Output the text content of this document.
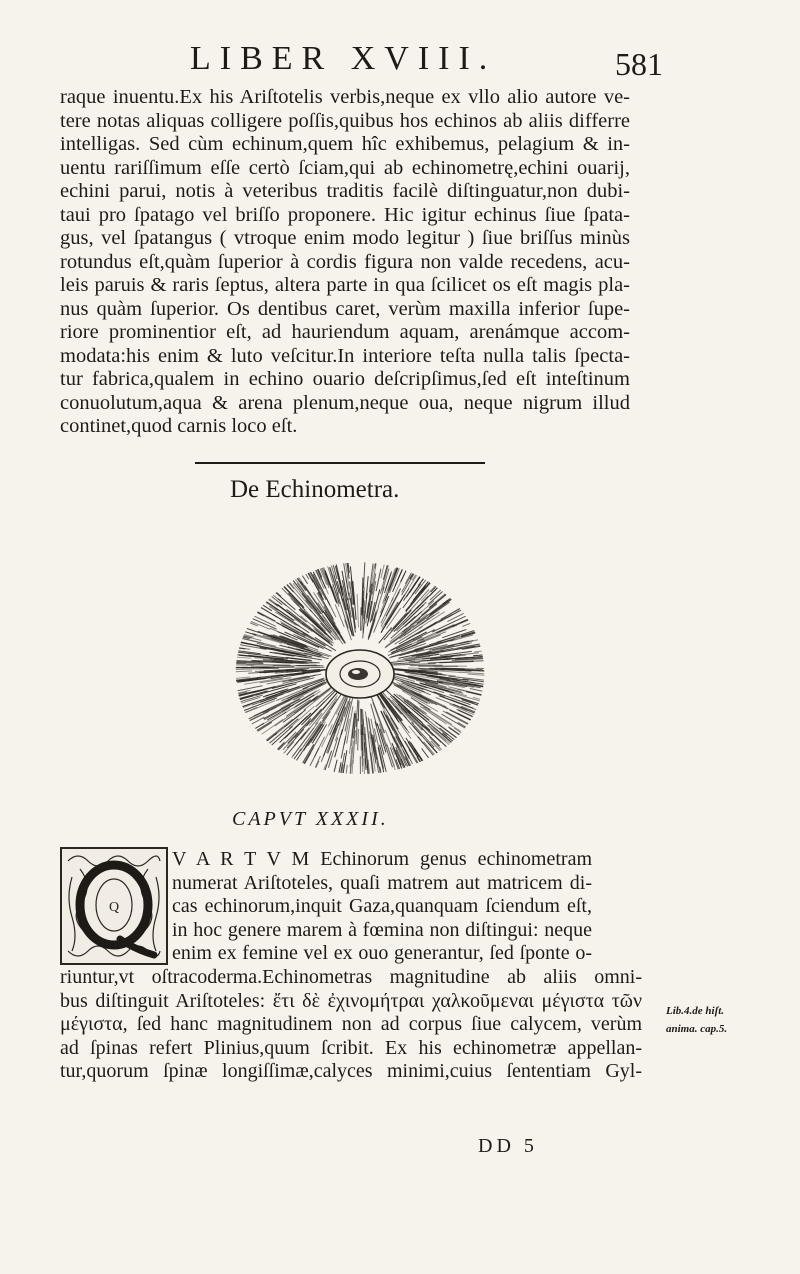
LIBER XVIII.	581
raque inuentu.Ex his Ariſtotelis verbis,neque ex vllo alio autore ve-
tere notas aliquas colligere poſſis,quibus hos echinos ab aliis differre
intelligas. Sed cùm echinum,quem hîc exhibemus, pelagium & in-
uentu rariſſimum eſſe certò ſciam,qui ab echinometrę,echini ouarij,
echini parui, notis à veteribus traditis facilè diſtinguatur,non dubi-
taui pro ſpatago vel briſſo proponere. Hic igitur echinus ſiue ſpata-
gus, vel ſpatangus ( vtroque enim modo legitur ) ſiue briſſus minùs
rotundus eſt,quàm ſuperior à cordis figura non valde recedens, acu-
leis paruis & raris ſeptus, altera parte in qua ſcilicet os eſt magis pla-
nus quàm ſuperior. Os dentibus caret, verùm maxilla inferior ſupe-
riore prominentior eſt, ad hauriendum aquam, arenámque accom-
modata:his enim & luto veſcitur.In interiore teſta nulla talis ſpecta-
tur fabrica,qualem in echino ouario deſcripſimus,ſed eſt inteſtinum
conuolutum,aqua & arena plenum,neque oua, neque nigrum illud
continet,quod carnis loco eſt.
De Echinometra.
CAPVT XXXII.
Q
V A R T V M Echinorum genus echinometram
numerat Ariſtoteles, quaſi matrem aut matricem di-
cas echinorum,inquit Gaza,quanquam ſciendum eſt,
in hoc genere marem à fœmina non diſtingui: neque
enim ex femine vel ex ouo generantur, ſed ſponte o-
riuntur,vt oſtracoderma.Echinometras magnitudine ab aliis omni-
bus diſtinguit Ariſtoteles: ἔτι δὲ ἐχινομήτραι χαλκοῦμεναι μέγιστα τῶν
μέγιστα, ſed hanc magnitudinem non ad corpus ſiue calycem, verùm
ad ſpinas refert Plinius,quum ſcribit. Ex his echinometræ appellan-
tur,quorum ſpinæ longiſſimæ,calyces minimi,cuius ſententiam Gyl-
Lib.4.de hiſt.
anima. cap.5.
DD 5
